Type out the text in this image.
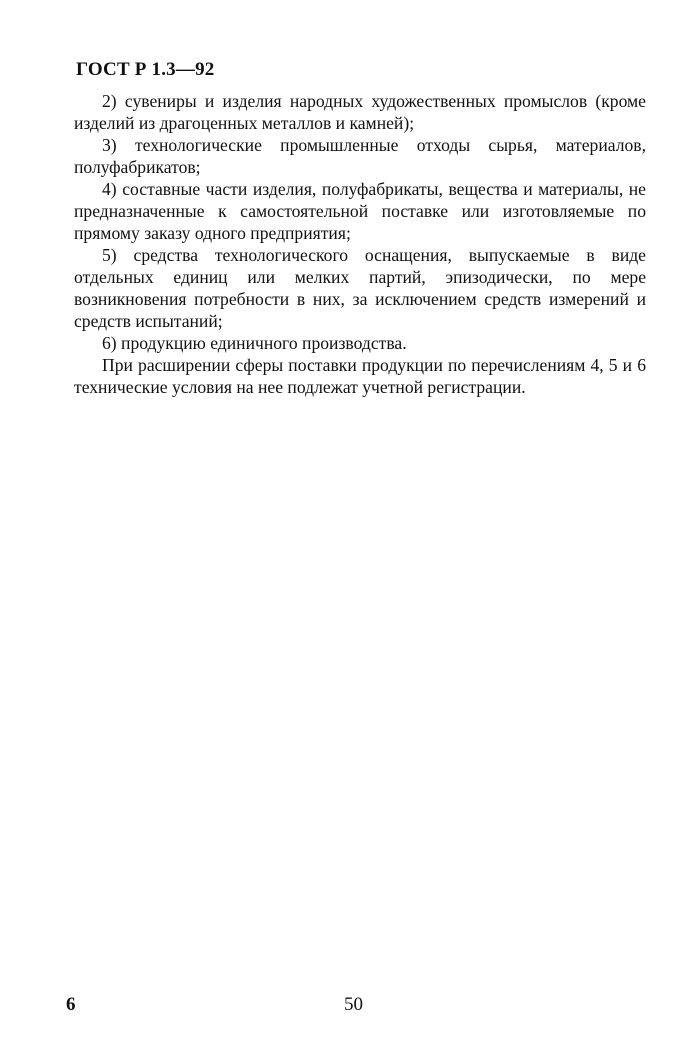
ГОСТ Р 1.3—92

2) сувениры и изделия народных художественных промыслов (кроме изделий из драгоценных металлов и камней);

3) технологические промышленные отходы сырья, материалов, полуфабрикатов;

4) составные части изделия, полуфабрикаты, вещества и материалы, не предназначенные к самостоятельной поставке или изготовляемые по прямому заказу одного предприятия;

5) средства технологического оснащения, выпускаемые в виде отдельных единиц или мелких партий, эпизодически, по мере возникновения потребности в них, за исключением средств измерений и средств испытаний;

6) продукцию единичного производства.

При расширении сферы поставки продукции по перечислениям 4, 5 и 6 технические условия на нее подлежат учетной регистрации.

6	50
